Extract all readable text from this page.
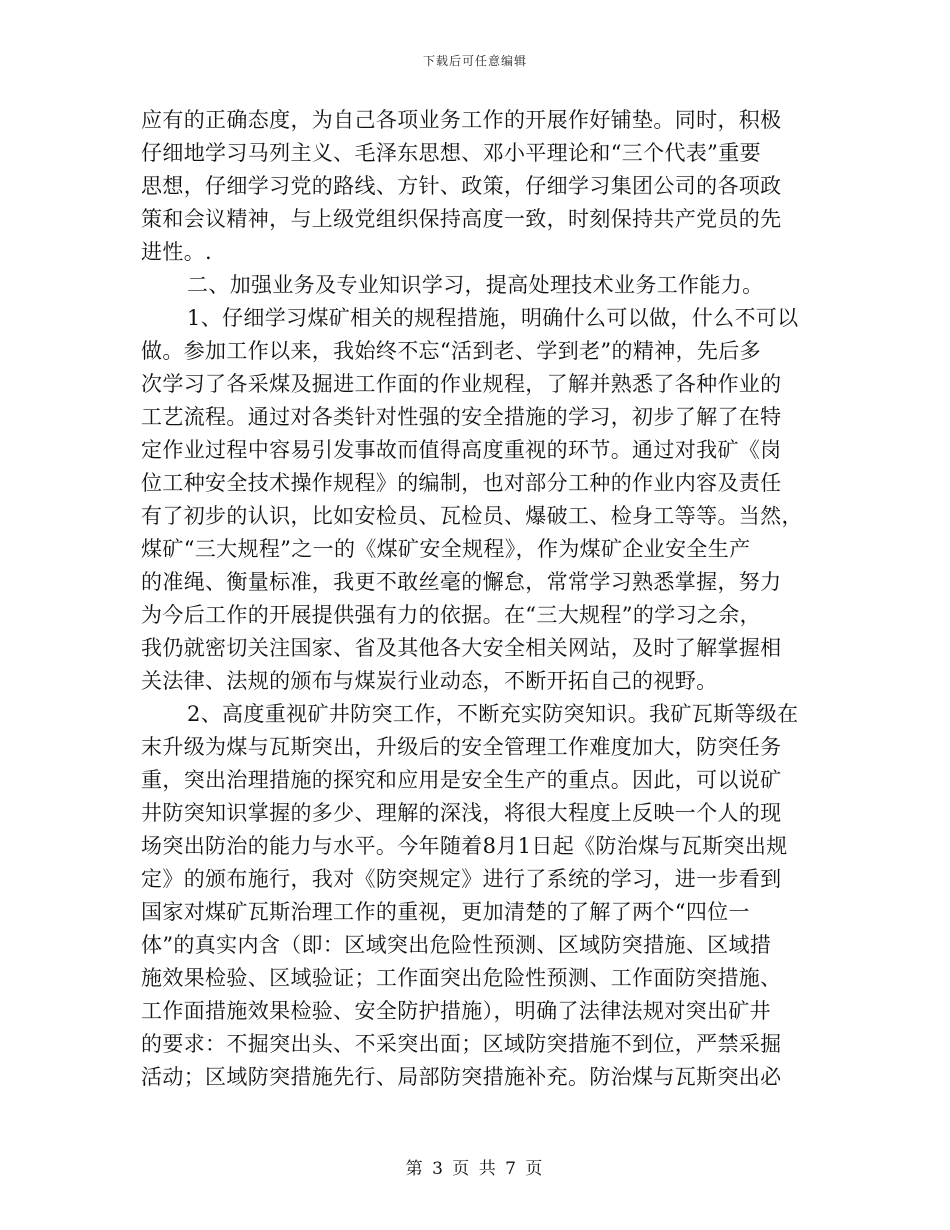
下载后可任意编辑

应有的正确态度，为自己各项业务工作的开展作好铺垫。同时，积极
仔细地学习马列主义、毛泽东思想、邓小平理论和“三个代表”重要
思想，仔细学习党的路线、方针、政策，仔细学习集团公司的各项政
策和会议精神，与上级党组织保持高度一致，时刻保持共产党员的先
进性。.

二、加强业务及专业知识学习，提高处理技术业务工作能力。

1、仔细学习煤矿相关的规程措施，明确什么可以做，什么不可以
做。参加工作以来，我始终不忘“活到老、学到老”的精神，先后多
次学习了各采煤及掘进工作面的作业规程，了解并熟悉了各种作业的
工艺流程。通过对各类针对性强的安全措施的学习，初步了解了在特
定作业过程中容易引发事故而值得高度重视的环节。通过对我矿《岗
位工种安全技术操作规程》的编制，也对部分工种的作业内容及责任
有了初步的认识，比如安检员、瓦检员、爆破工、检身工等等。当然，
煤矿“三大规程”之一的《煤矿安全规程》，作为煤矿企业安全生产
的准绳、衡量标准，我更不敢丝毫的懈怠，常常学习熟悉掌握，努力
为今后工作的开展提供强有力的依据。在“三大规程”的学习之余，
我仍就密切关注国家、省及其他各大安全相关网站，及时了解掌握相
关法律、法规的颁布与煤炭行业动态，不断开拓自己的视野。

2、高度重视矿井防突工作，不断充实防突知识。我矿瓦斯等级在
末升级为煤与瓦斯突出，升级后的安全管理工作难度加大，防突任务
重，突出治理措施的探究和应用是安全生产的重点。因此，可以说矿
井防突知识掌握的多少、理解的深浅，将很大程度上反映一个人的现
场突出防治的能力与水平。今年随着8月1日起《防治煤与瓦斯突出规
定》的颁布施行，我对《防突规定》进行了系统的学习，进一步看到
国家对煤矿瓦斯治理工作的重视，更加清楚的了解了两个“四位一
体”的真实内含（即：区域突出危险性预测、区域防突措施、区域措
施效果检验、区域验证；工作面突出危险性预测、工作面防突措施、
工作面措施效果检验、安全防护措施），明确了法律法规对突出矿井
的要求：不掘突出头、不采突出面；区域防突措施不到位，严禁采掘
活动；区域防突措施先行、局部防突措施补充。防治煤与瓦斯突出必

第 3 页 共 7 页
